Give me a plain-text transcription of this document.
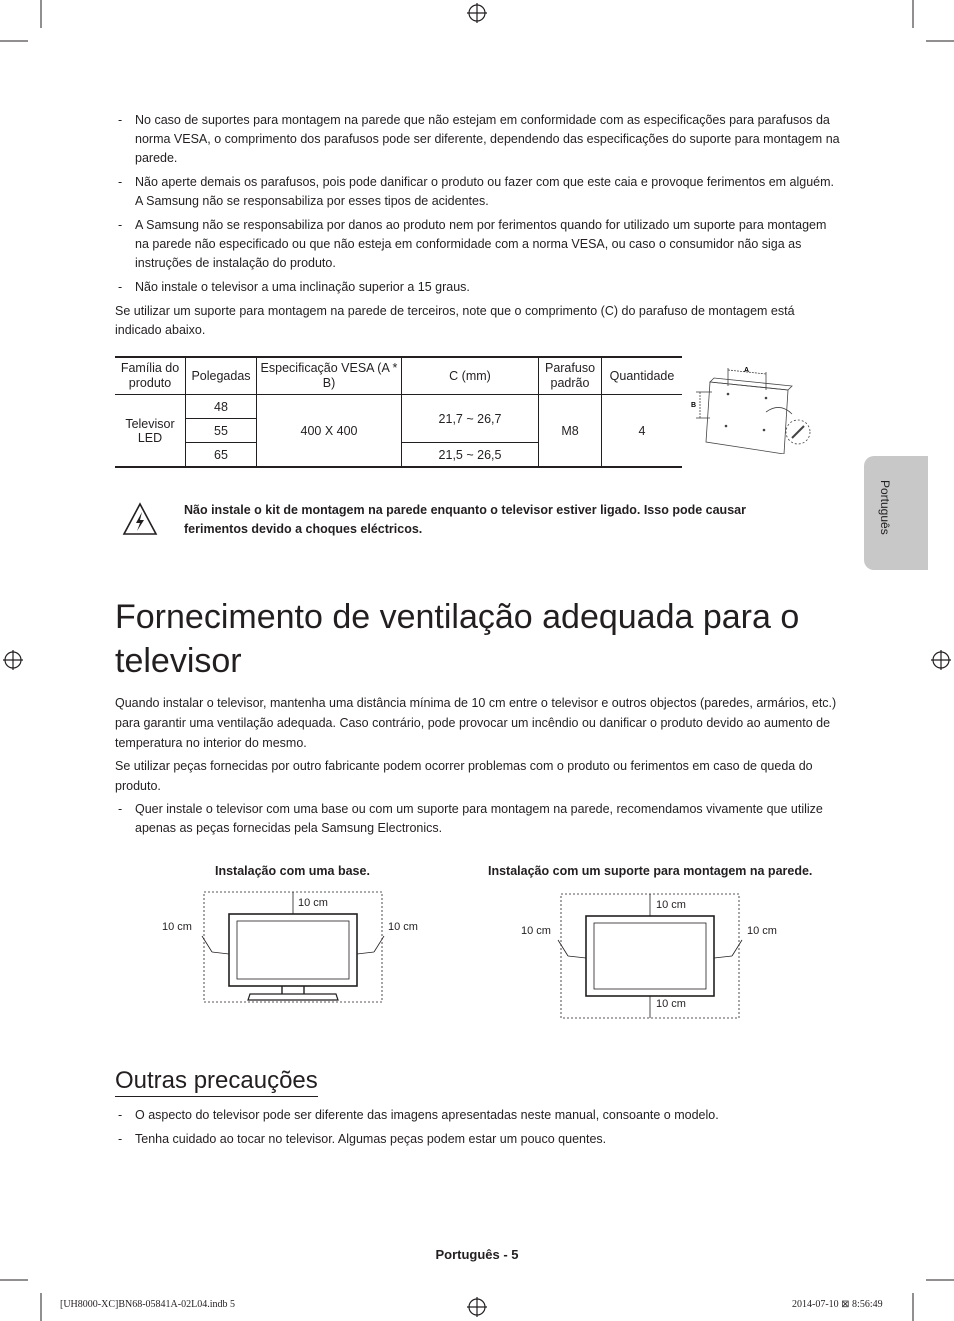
- No caso de suportes para montagem na parede que não estejam em conformidade com as especificações para parafusos da norma VESA, o comprimento dos parafusos pode ser diferente, dependendo das especificações do suporte para montagem na parede.
- Não aperte demais os parafusos, pois pode danificar o produto ou fazer com que este caia e provoque ferimentos em alguém. A Samsung não se responsabiliza por esses tipos de acidentes.
- A Samsung não se responsabiliza por danos ao produto nem por ferimentos quando for utilizado um suporte para montagem na parede não especificado ou que não esteja em conformidade com a norma VESA, ou caso o consumidor não siga as instruções de instalação do produto.
- Não instale o televisor a uma inclinação superior a 15 graus.

Se utilizar um suporte para montagem na parede de terceiros, note que o comprimento (C) do parafuso de montagem está indicado abaixo.

Família do produto	Polegadas	Especificação VESA (A * B)	C (mm)	Parafuso padrão	Quantidade
Televisor LED	48	400 X 400	21,7 ~ 26,7	M8	4
	55				
	65		21,5 ~ 26,5		
A
B

Não instale o kit de montagem na parede enquanto o televisor estiver ligado. Isso pode causar ferimentos devido a choques eléctricos.	Português
Fornecimento de ventilação adequada para o televisor

Quando instalar o televisor, mantenha uma distância mínima de 10 cm entre o televisor e outros objectos (paredes, armários, etc.) para garantir uma ventilação adequada. Caso contrário, pode provocar um incêndio ou danificar o produto devido ao aumento de temperatura no interior do mesmo.

Se utilizar peças fornecidas por outro fabricante podem ocorrer problemas com o produto ou ferimentos em caso de queda do produto.

- Quer instale o televisor com uma base ou com um suporte para montagem na parede, recomendamos vivamente que utilize apenas as peças fornecidas pela Samsung Electronics.
Instalação com uma base.
10 cm
10 cm	10 cm
Instalação com um suporte para montagem na parede.
10 cm
10 cm	10 cm
10 cm
Outras precauções
- O aspecto do televisor pode ser diferente das imagens apresentadas neste manual, consoante o modelo.
- Tenha cuidado ao tocar no televisor. Algumas peças podem estar um pouco quentes.
Português - 5
[UH8000-XC]BN68-05841A-02L04.indb 5	2014-07-10 ⊠ 8:56:49
